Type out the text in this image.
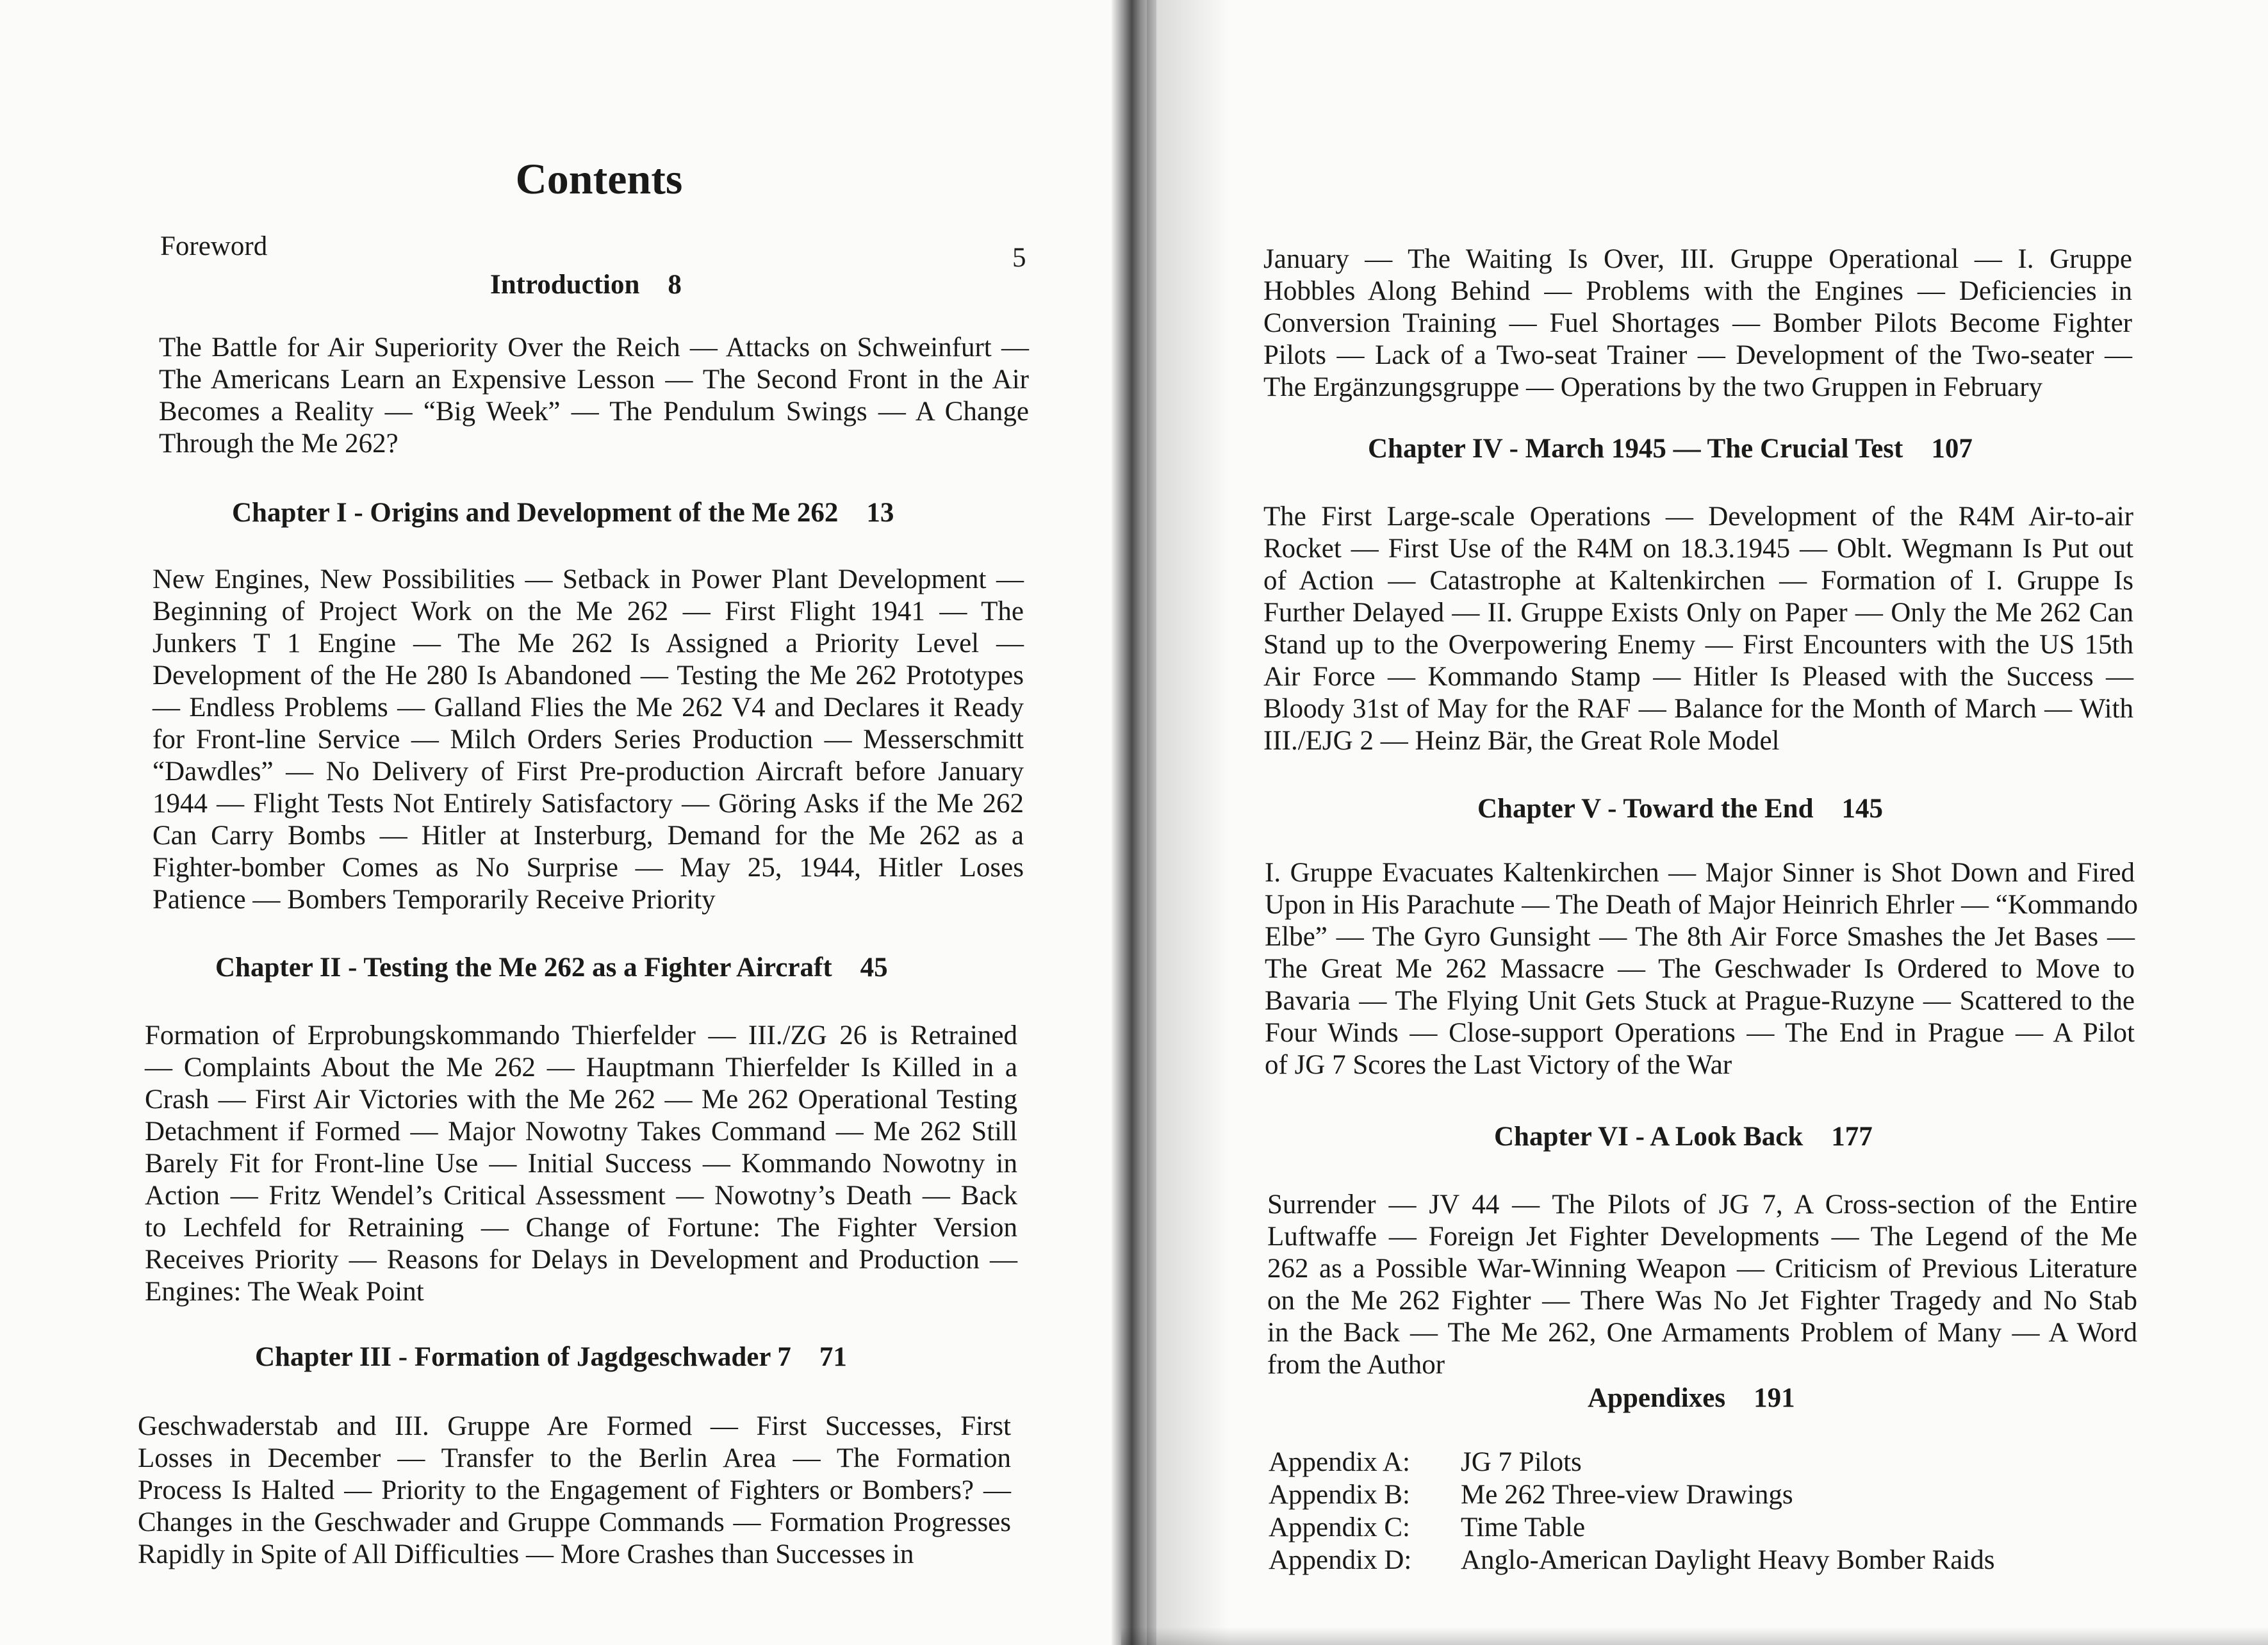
Contents
Foreword	5
Introduction 8
The Battle for Air Superiority Over the Reich — Attacks on Schweinfurt —
The Americans Learn an Expensive Lesson — The Second Front in the Air
Becomes a Reality — “Big Week” — The Pendulum Swings — A Change
Through the Me 262?
Chapter I - Origins and Development of the Me 262 13
New Engines, New Possibilities — Setback in Power Plant Development —
Beginning of Project Work on the Me 262 — First Flight 1941 — The
Junkers T 1 Engine — The Me 262 Is Assigned a Priority Level —
Development of the He 280 Is Abandoned — Testing the Me 262 Prototypes
— Endless Problems — Galland Flies the Me 262 V4 and Declares it Ready
for Front-line Service — Milch Orders Series Production — Messerschmitt
“Dawdles” — No Delivery of First Pre-production Aircraft before January
1944 — Flight Tests Not Entirely Satisfactory — Göring Asks if the Me 262
Can Carry Bombs — Hitler at Insterburg, Demand for the Me 262 as a
Fighter-bomber Comes as No Surprise — May 25, 1944, Hitler Loses
Patience — Bombers Temporarily Receive Priority
Chapter II - Testing the Me 262 as a Fighter Aircraft 45
Formation of Erprobungskommando Thierfelder — III./ZG 26 is Retrained
— Complaints About the Me 262 — Hauptmann Thierfelder Is Killed in a
Crash — First Air Victories with the Me 262 — Me 262 Operational Testing
Detachment if Formed — Major Nowotny Takes Command — Me 262 Still
Barely Fit for Front-line Use — Initial Success — Kommando Nowotny in
Action — Fritz Wendel’s Critical Assessment — Nowotny’s Death — Back
to Lechfeld for Retraining — Change of Fortune: The Fighter Version
Receives Priority — Reasons for Delays in Development and Production —
Engines: The Weak Point
Chapter III - Formation of Jagdgeschwader 7 71
Geschwaderstab and III. Gruppe Are Formed — First Successes, First
Losses in December — Transfer to the Berlin Area — The Formation
Process Is Halted — Priority to the Engagement of Fighters or Bombers? —
Changes in the Geschwader and Gruppe Commands — Formation Progresses
Rapidly in Spite of All Difficulties — More Crashes than Successes in
January — The Waiting Is Over, III. Gruppe Operational — I. Gruppe
Hobbles Along Behind — Problems with the Engines — Deficiencies in
Conversion Training — Fuel Shortages — Bomber Pilots Become Fighter
Pilots — Lack of a Two-seat Trainer — Development of the Two-seater —
The Ergänzungsgruppe — Operations by the two Gruppen in February
Chapter IV - March 1945 — The Crucial Test 107
The First Large-scale Operations — Development of the R4M Air-to-air
Rocket — First Use of the R4M on 18.3.1945 — Oblt. Wegmann Is Put out
of Action — Catastrophe at Kaltenkirchen — Formation of I. Gruppe Is
Further Delayed — II. Gruppe Exists Only on Paper — Only the Me 262 Can
Stand up to the Overpowering Enemy — First Encounters with the US 15th
Air Force — Kommando Stamp — Hitler Is Pleased with the Success —
Bloody 31st of May for the RAF — Balance for the Month of March — With
III./EJG 2 — Heinz Bär, the Great Role Model
Chapter V - Toward the End 145
I. Gruppe Evacuates Kaltenkirchen — Major Sinner is Shot Down and Fired
Upon in His Parachute — The Death of Major Heinrich Ehrler — “Kommando
Elbe” — The Gyro Gunsight — The 8th Air Force Smashes the Jet Bases —
The Great Me 262 Massacre — The Geschwader Is Ordered to Move to
Bavaria — The Flying Unit Gets Stuck at Prague-Ruzyne — Scattered to the
Four Winds — Close-support Operations — The End in Prague — A Pilot
of JG 7 Scores the Last Victory of the War
Chapter VI - A Look Back 177
Surrender — JV 44 — The Pilots of JG 7, A Cross-section of the Entire
Luftwaffe — Foreign Jet Fighter Developments — The Legend of the Me
262 as a Possible War-Winning Weapon — Criticism of Previous Literature
on the Me 262 Fighter — There Was No Jet Fighter Tragedy and No Stab
in the Back — The Me 262, One Armaments Problem of Many — A Word
from the Author
Appendixes 191
Appendix A:	JG 7 Pilots
Appendix B:	Me 262 Three-view Drawings
Appendix C:	Time Table
Appendix D:	Anglo-American Daylight Heavy Bomber Raids
